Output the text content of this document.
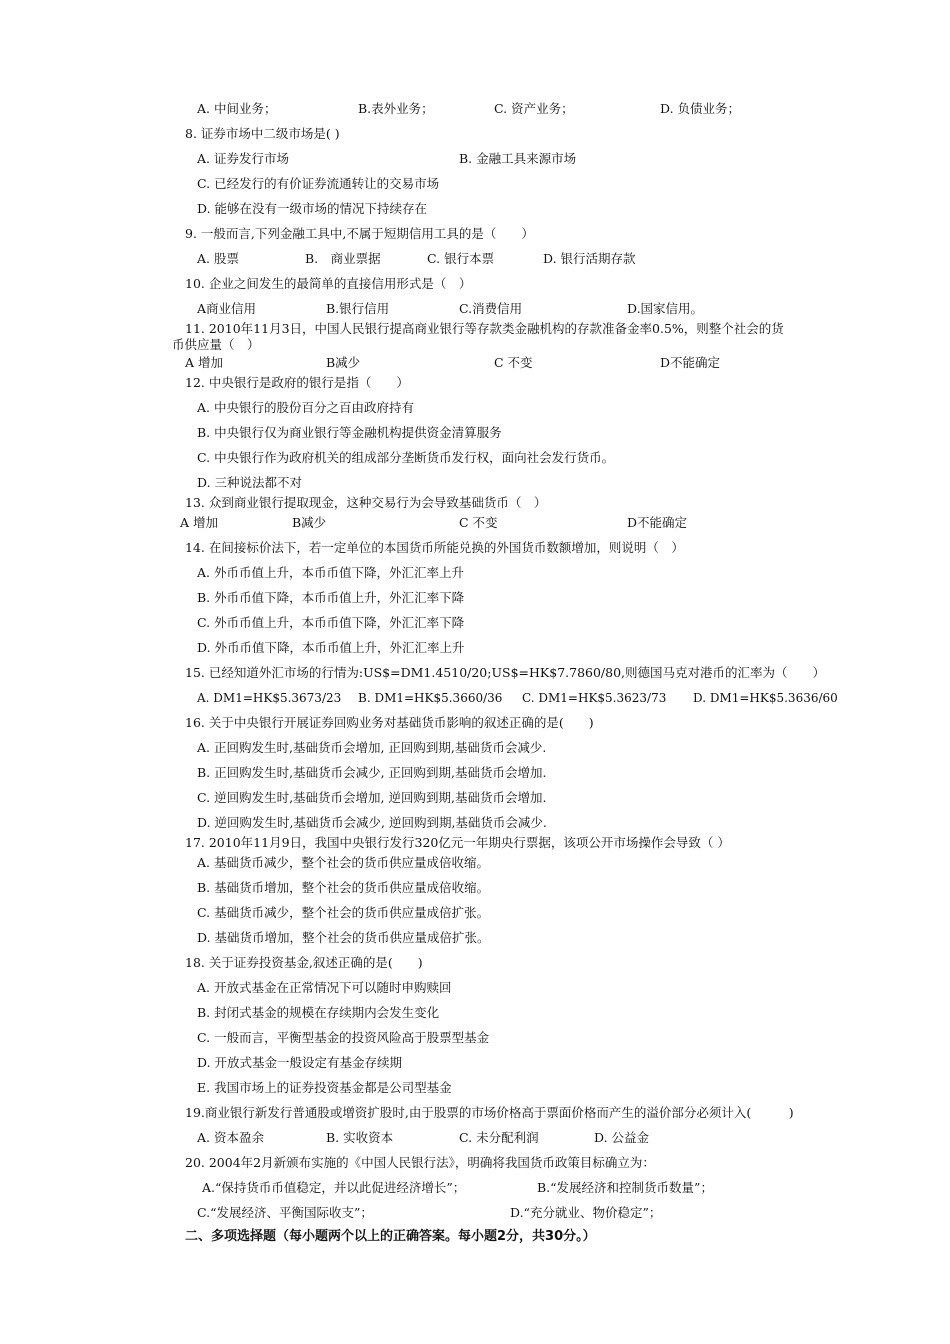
A. 中间业务；	B.表外业务；	C. 资产业务；	D. 负债业务；
8. 证券市场中二级市场是( )
A. 证券发行市场	B. 金融工具来源市场
C. 已经发行的有价证券流通转让的交易市场
D. 能够在没有一级市场的情况下持续存在
9. 一般而言,下列金融工具中,不属于短期信用工具的是（　　）
A. 股票	B.　商业票据	C. 银行本票	D. 银行活期存款
10. 企业之间发生的最简单的直接信用形式是（　）
A商业信用	B.银行信用	C.消费信用	D.国家信用。
11. 2010年11月3日，中国人民银行提高商业银行等存款类金融机构的存款准备金率0.5%，则整个社会的货
币供应量（　）
A 增加	B减少	C 不变	D不能确定
12. 中央银行是政府的银行是指（　　）
A. 中央银行的股份百分之百由政府持有
B. 中央银行仅为商业银行等金融机构提供资金清算服务
C. 中央银行作为政府机关的组成部分垄断货币发行权，面向社会发行货币。
D. 三种说法都不对
13. 众到商业银行提取现金，这种交易行为会导致基础货币（　）
A 增加	B减少	C 不变	D不能确定
14. 在间接标价法下，若一定单位的本国货币所能兑换的外国货币数额增加，则说明（　）
A. 外币币值上升，本币币值下降，外汇汇率上升
B. 外币币值下降，本币币值上升，外汇汇率下降
C. 外币币值上升，本币币值下降，外汇汇率下降
D. 外币币值下降，本币币值上升，外汇汇率上升
15. 已经知道外汇市场的行情为:US$=DM1.4510/20;US$=HK$7.7860/80,则德国马克对港币的汇率为（　　）
A. DM1=HK$5.3673/23 B. DM1=HK$5.3660/36 C. DM1=HK$5.3623/73 D. DM1=HK$5.3636/60
16. 关于中央银行开展证券回购业务对基础货币影响的叙述正确的是(　　)
A. 正回购发生时,基础货币会增加, 正回购到期,基础货币会减少.
B. 正回购发生时,基础货币会减少, 正回购到期,基础货币会增加.
C. 逆回购发生时,基础货币会增加, 逆回购到期,基础货币会增加.
D. 逆回购发生时,基础货币会减少, 逆回购到期,基础货币会减少.
17. 2010年11月9日，我国中央银行发行320亿元一年期央行票据，该项公开市场操作会导致（ ）
A. 基础货币减少，整个社会的货币供应量成倍收缩。
B. 基础货币增加，整个社会的货币供应量成倍收缩。
C. 基础货币减少，整个社会的货币供应量成倍扩张。
D. 基础货币增加，整个社会的货币供应量成倍扩张。
18. 关于证券投资基金,叙述正确的是(　　)
A. 开放式基金在正常情况下可以随时申购赎回
B. 封闭式基金的规模在存续期内会发生变化
C. 一般而言，平衡型基金的投资风险高于股票型基金
D. 开放式基金一般设定有基金存续期
E. 我国市场上的证券投资基金都是公司型基金
19.商业银行新发行普通股或增资扩股时,由于股票的市场价格高于票面价格而产生的溢价部分必须计入(　　　)
A. 资本盈余	B. 实收资本	C. 未分配利润	D. 公益金
20. 2004年2月新颁布实施的《中国人民银行法》，明确将我国货币政策目标确立为：
A.“保持货币币值稳定，并以此促进经济增长”；	B.“发展经济和控制货币数量”；
C.“发展经济、平衡国际收支”；	D.“充分就业、物价稳定”；
二、多项选择题（每小题两个以上的正确答案。每小题2分，共30分。）
